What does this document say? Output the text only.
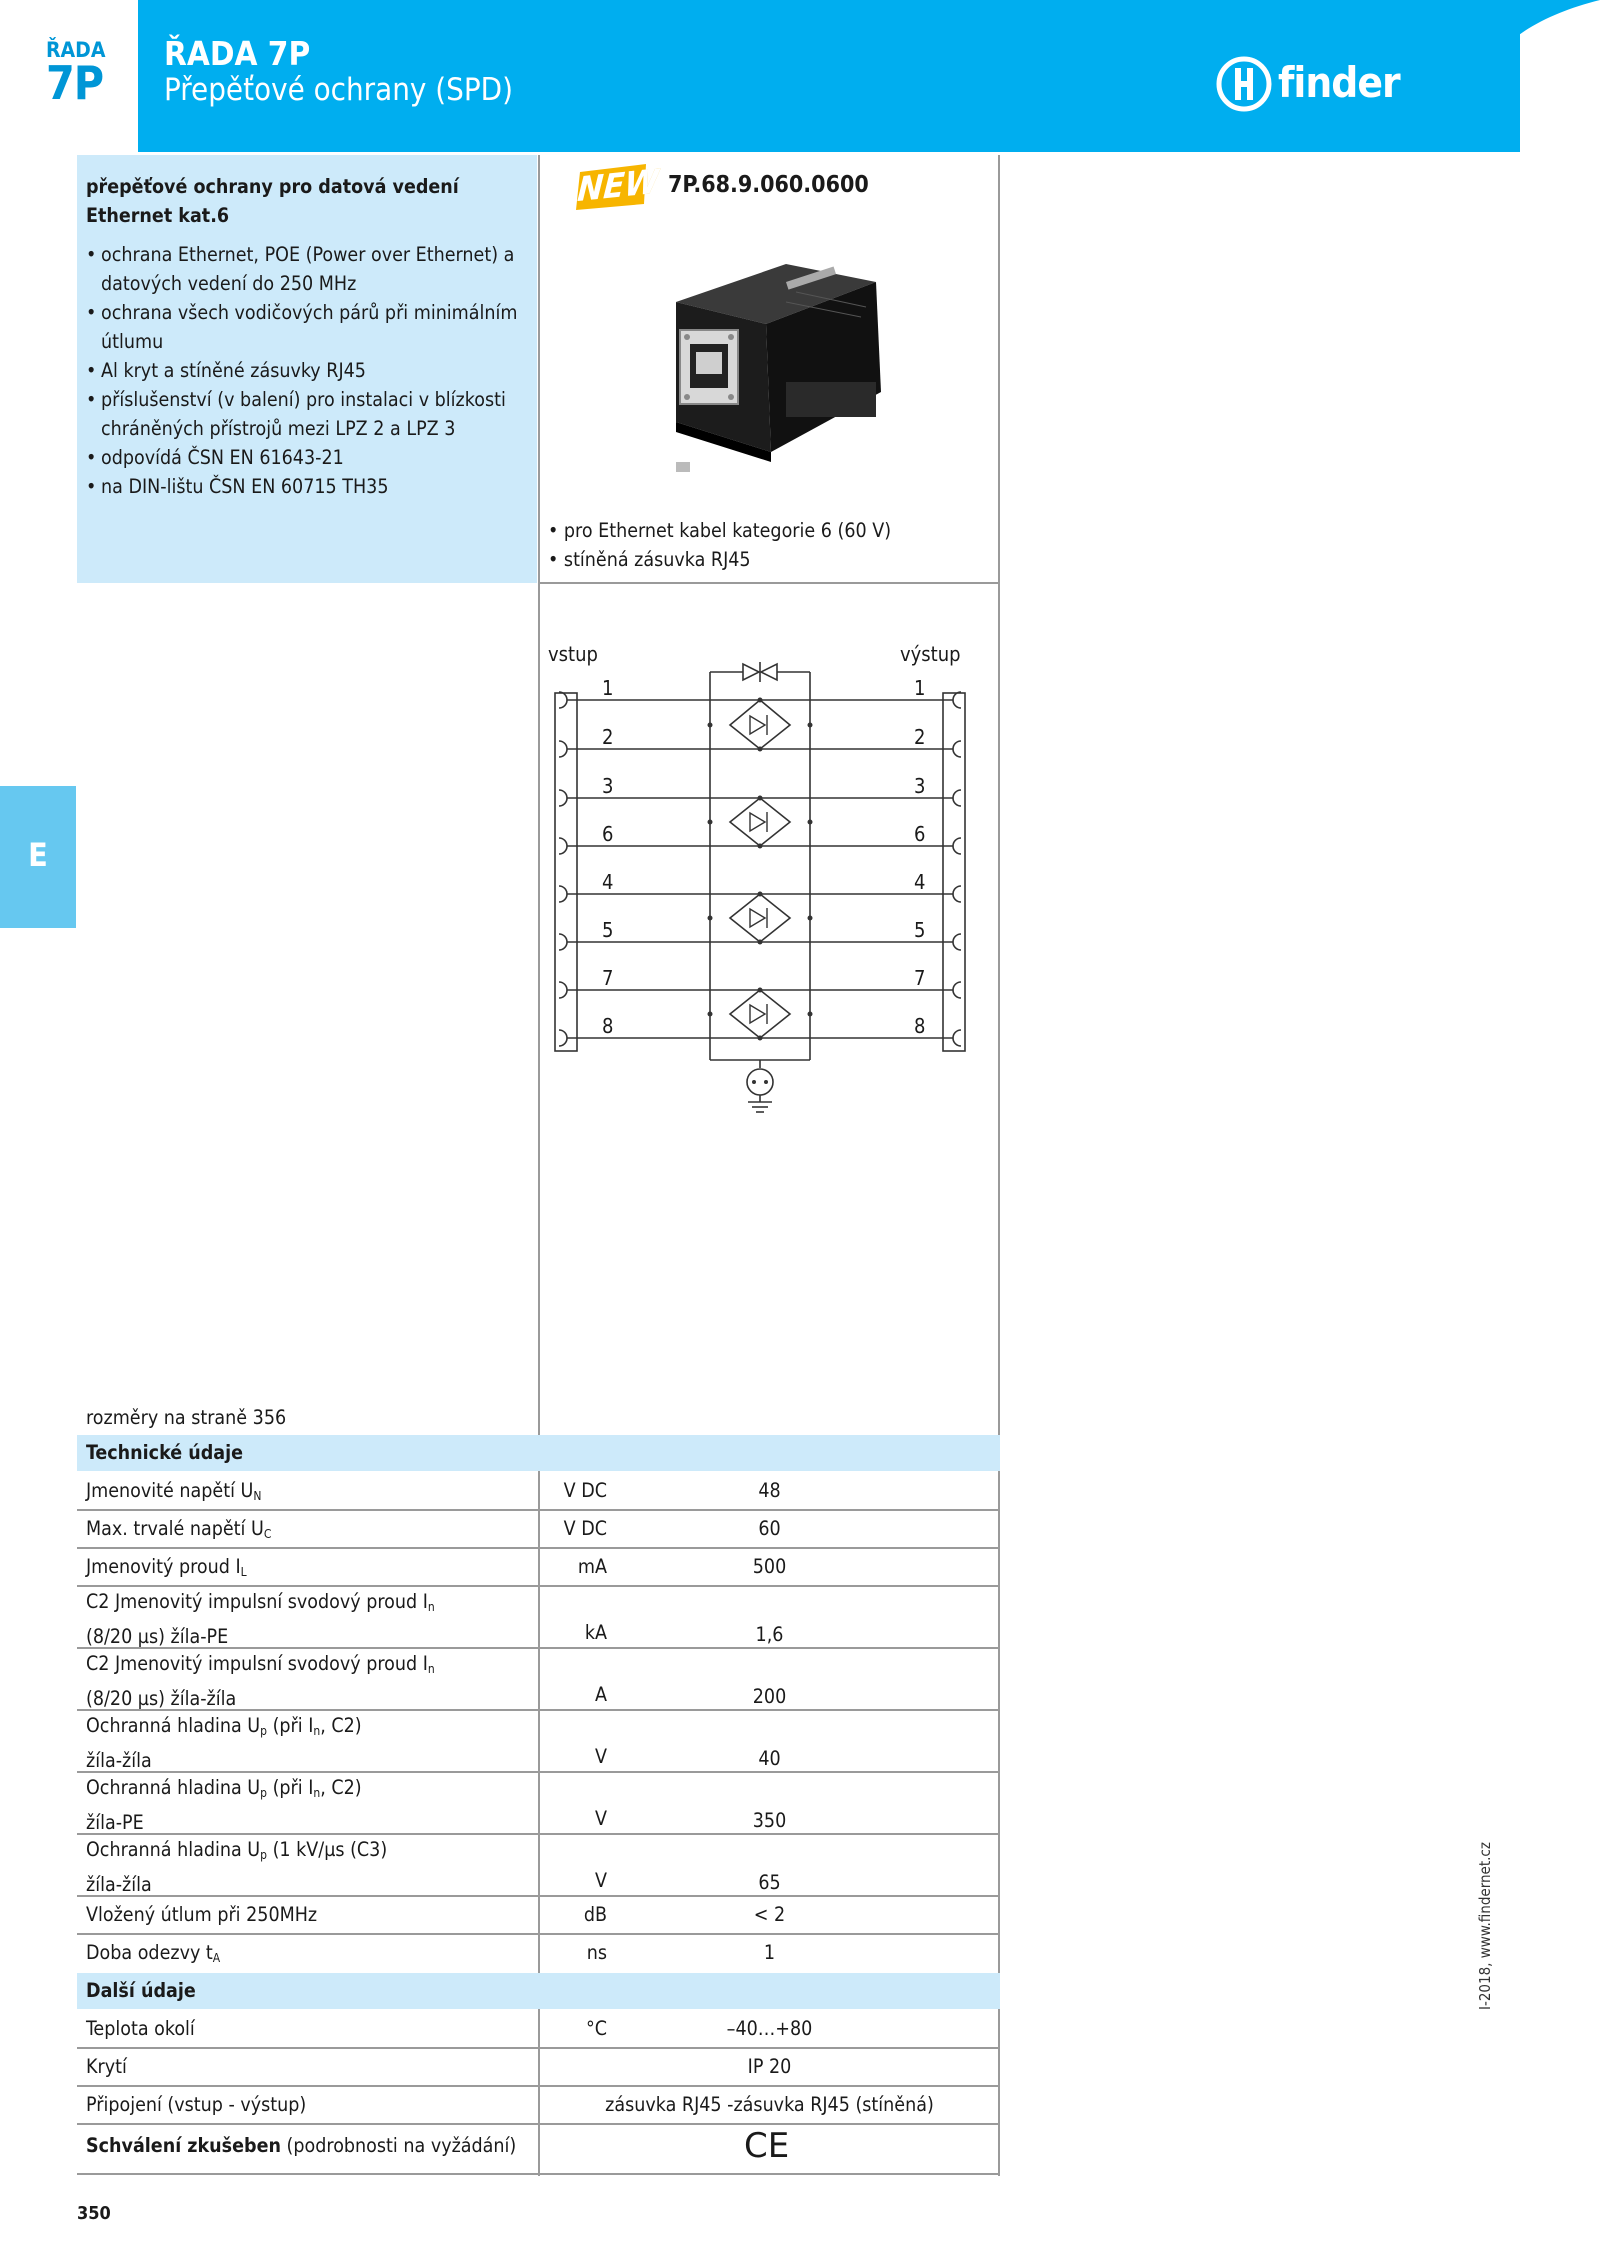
ŘADA
7P
ŘADA 7P
Přepěťové ochrany (SPD)	finder
E
přepěťové ochrany pro datová vedení Ethernet kat.6
• ochrana Ethernet, POE (Power over Ethernet) a datových vedení do 250 MHz
• ochrana všech vodičových párů při minimálním útlumu
• Al kryt a stíněné zásuvky RJ45
• příslušenství (v balení) pro instalaci v blízkosti chráněných přístrojů mezi LPZ 2 a LPZ 3
• odpovídá ČSN EN 61643-21
• na DIN-lištu ČSN EN 60715 TH35
NEW 7P.68.9.060.0600
• pro Ethernet kabel kategorie 6 (60 V)
• stíněná zásuvka RJ45
vstup	výstup
1
2
3
6
4
5
7
8
1
2
3
6
4
5
7
8
rozměry na straně 356
Technické údaje
Jmenovité napětí $U_N$	V DC	48
Max. trvalé napětí $U_C$	V DC	60
Jmenovitý proud $I_L$	mA	500
C2 Jmenovitý impulsní svodový proud $I_n$
(8/20 µs) žíla-PE	kA	1,6
C2 Jmenovitý impulsní svodový proud $I_n$
(8/20 µs) žíla-žíla	A	200
Ochranná hladina $U_p$ (při $I_n$, C2)
žíla-žíla	V	40
Ochranná hladina $U_p$ (při $I_n$, C2)
žíla-PE	V	350
Ochranná hladina $U_p$ (1 kV/µs (C3)
žíla-žíla	V	65
Vložený útlum při 250MHz	dB	< 2
Doba odezvy $t_A$	ns	1
Další údaje
Teplota okolí	°C	–40…+80
Krytí	IP 20
Připojení (vstup - výstup)	zásuvka RJ45 -zásuvka RJ45 (stíněná)
Schválení zkušeben (podrobnosti na vyžádání)	CE
350
I-2018, www.findernet.cz
